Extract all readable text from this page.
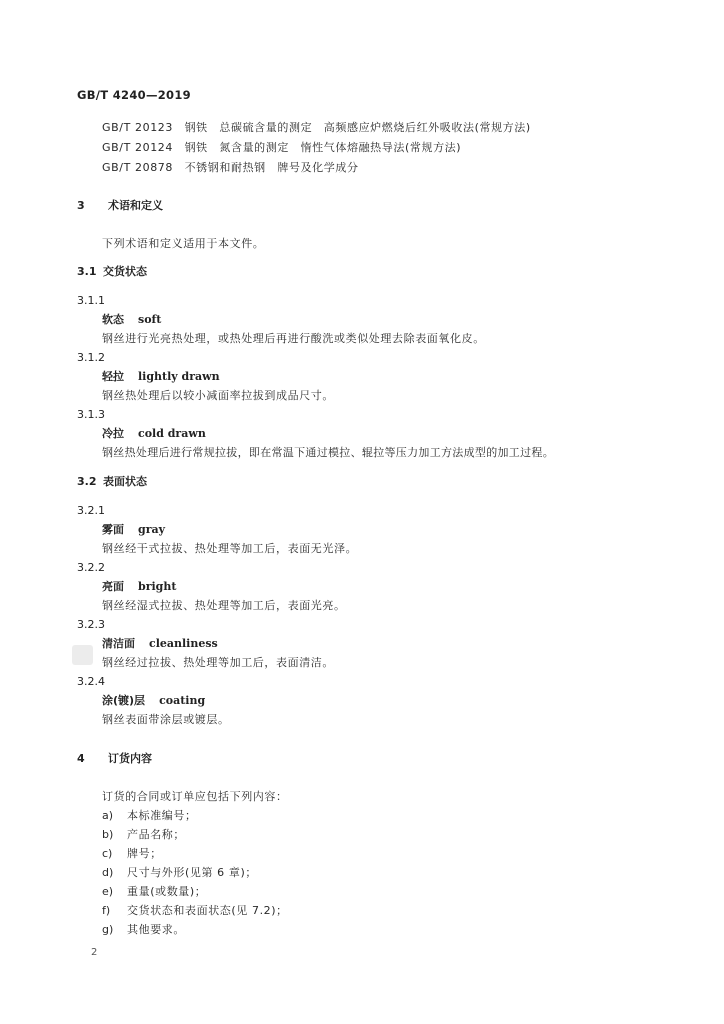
GB/T 4240—2019
GB/T 20123　钢铁　总碳硫含量的测定　高频感应炉燃烧后红外吸收法(常规方法)
GB/T 20124　钢铁　氮含量的测定　惰性气体熔融热导法(常规方法)
GB/T 20878　不锈钢和耐热钢　牌号及化学成分
3 术语和定义
下列术语和定义适用于本文件。
3.1 交货状态
3.1.1
软态 soft
钢丝进行光亮热处理，或热处理后再进行酸洗或类似处理去除表面氧化皮。
3.1.2
轻拉 lightly drawn
钢丝热处理后以较小减面率拉拔到成品尺寸。
3.1.3
冷拉 cold drawn
钢丝热处理后进行常规拉拔，即在常温下通过模拉、辊拉等压力加工方法成型的加工过程。
3.2 表面状态
3.2.1
雾面 gray
钢丝经干式拉拔、热处理等加工后，表面无光泽。
3.2.2
亮面 bright
钢丝经湿式拉拔、热处理等加工后，表面光亮。
3.2.3
清洁面 cleanliness
钢丝经过拉拔、热处理等加工后，表面清洁。
3.2.4
涂(镀)层 coating
钢丝表面带涂层或镀层。
4 订货内容
订货的合同或订单应包括下列内容：
a) 本标准编号；
b) 产品名称；
c) 牌号；
d) 尺寸与外形(见第 6 章)；
e) 重量(或数量)；
f) 交货状态和表面状态(见 7.2)；
g) 其他要求。
2
